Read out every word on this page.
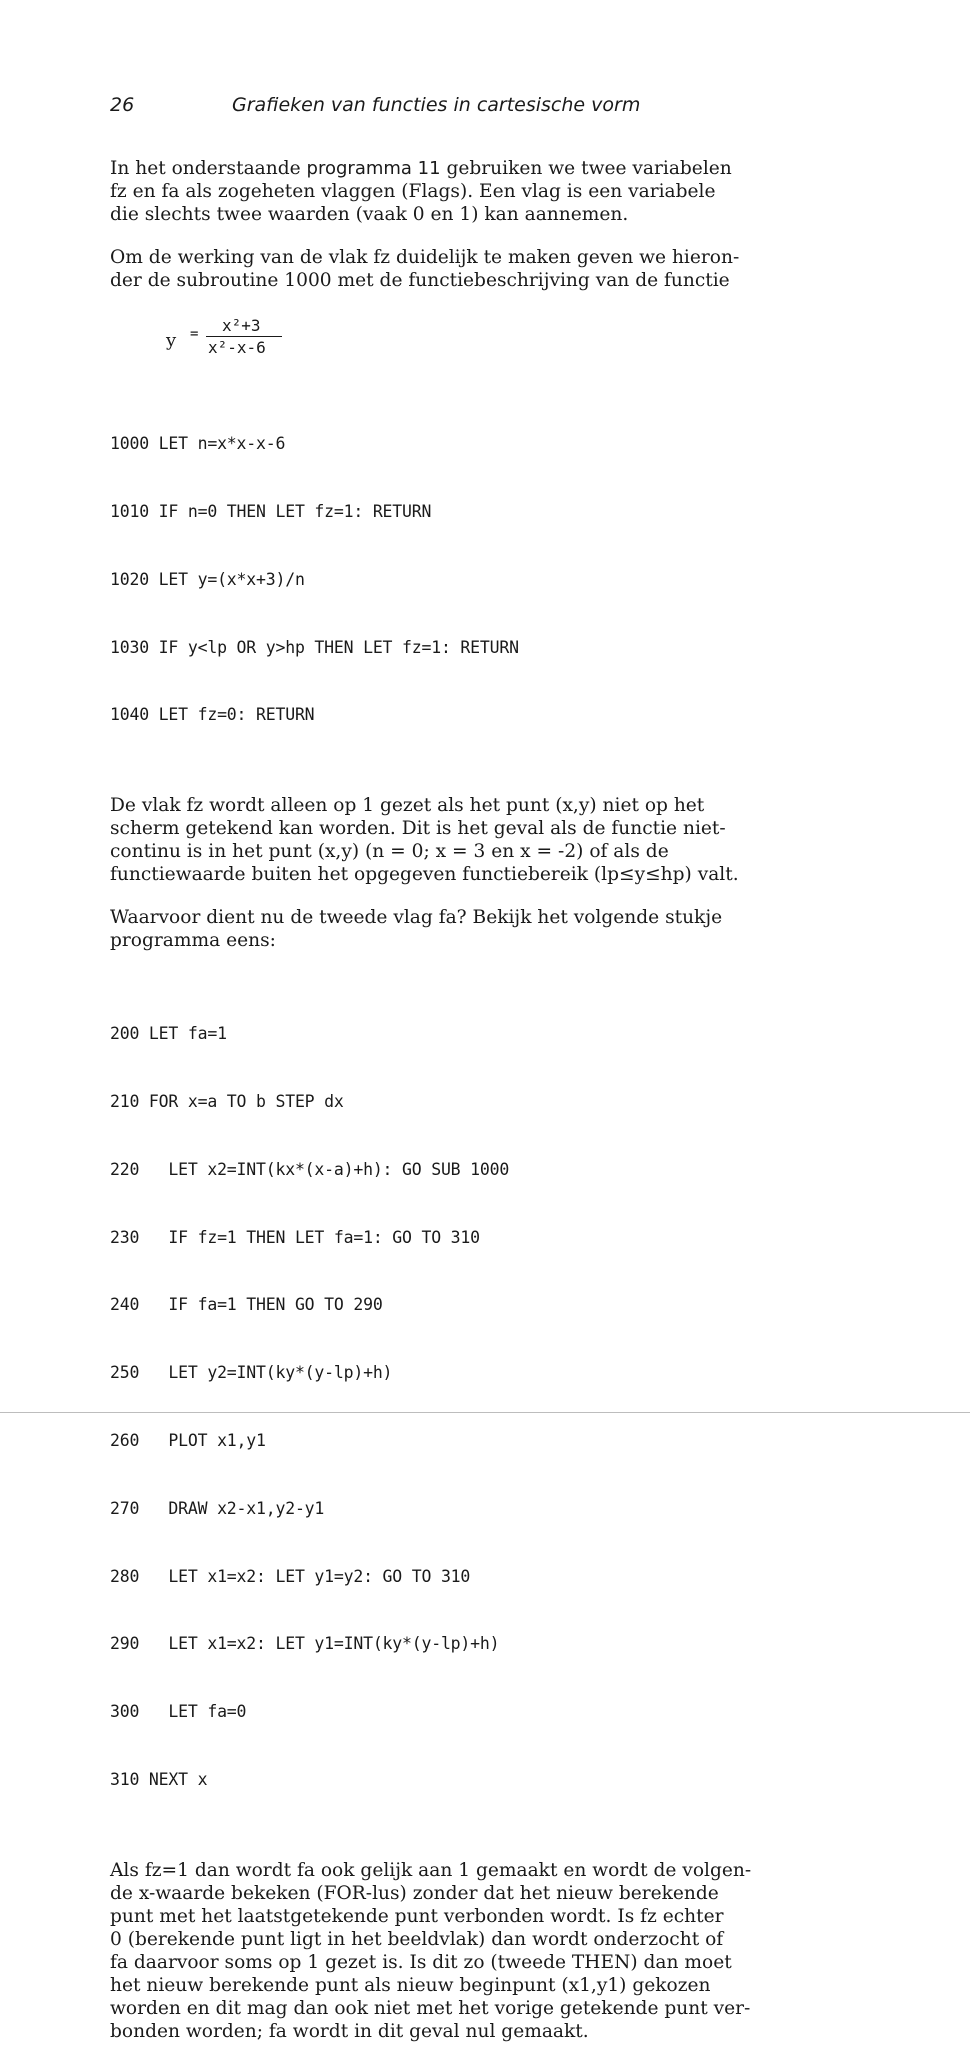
26	Grafieken van functies in cartesische vorm

In het onderstaande programma 11 gebruiken we twee variabelen
fz en fa als zogeheten vlaggen (Flags). Een vlag is een variabele
die slechts twee waarden (vaak 0 en 1) kan aannemen.

Om de werking van de vlak fz duidelijk te maken geven we hieron-
der de subroutine 1000 met de functiebeschrijving van de functie

y = x²+3
x²-x-6

1000 LET n=x*x-x-6

1010 IF n=0 THEN LET fz=1: RETURN

1020 LET y=(x*x+3)/n

1030 IF y<lp OR y>hp THEN LET fz=1: RETURN

1040 LET fz=0: RETURN

De vlak fz wordt alleen op 1 gezet als het punt (x,y) niet op het
scherm getekend kan worden. Dit is het geval als de functie niet-
continu is in het punt (x,y) (n = 0; x = 3 en x = -2) of als de
functiewaarde buiten het opgegeven functiebereik (lp≤y≤hp) valt.

Waarvoor dient nu de tweede vlag fa? Bekijk het volgende stukje
programma eens:

200 LET fa=1

210 FOR x=a TO b STEP dx

220   LET x2=INT(kx*(x-a)+h): GO SUB 1000

230   IF fz=1 THEN LET fa=1: GO TO 310

240   IF fa=1 THEN GO TO 290

250   LET y2=INT(ky*(y-lp)+h)

260   PLOT x1,y1

270   DRAW x2-x1,y2-y1

280   LET x1=x2: LET y1=y2: GO TO 310

290   LET x1=x2: LET y1=INT(ky*(y-lp)+h)

300   LET fa=0

310 NEXT x

Als fz=1 dan wordt fa ook gelijk aan 1 gemaakt en wordt de volgen-
de x-waarde bekeken (FOR-lus) zonder dat het nieuw berekende
punt met het laatstgetekende punt verbonden wordt. Is fz echter
0 (berekende punt ligt in het beeldvlak) dan wordt onderzocht of
fa daarvoor soms op 1 gezet is. Is dit zo (tweede THEN) dan moet
het nieuw berekende punt als nieuw beginpunt (x1,y1) gekozen
worden en dit mag dan ook niet met het vorige getekende punt ver-
bonden worden; fa wordt in dit geval nul gemaakt.
